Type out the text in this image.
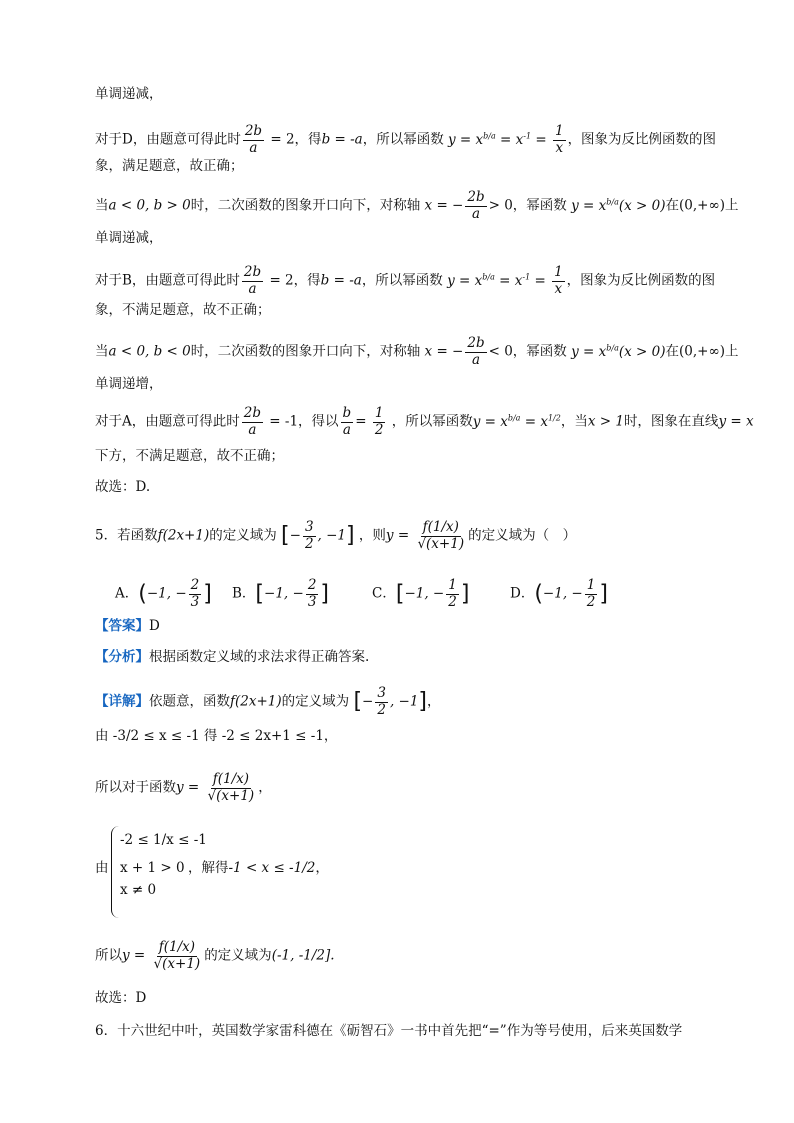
单调递减，
对于D，由题意可得此时 $\frac{2b}{a} = 2$，得b = -a，所以幂函数 $y = x^{b/a} = x^{-1} = \frac{1}{x}$ ，图象为反比例函数的图
象，满足题意，故正确；
当a < 0, b > 0时，二次函数的图象开口向下，对称轴 x = − $\frac{2b}{a} > 0$，幂函数 $y = x^{b/a}(x > 0)$在(0,+∞)上
单调递减，
对于B，由题意可得此时 $\frac{2b}{a} = 2$，得b = -a，所以幂函数 $y = x^{b/a} = x^{-1} = \frac{1}{x}$ ，图象为反比例函数的图
象，不满足题意，故不正确；
当a < 0, b < 0时，二次函数的图象开口向下，对称轴 x = − $\frac{2b}{a} < 0$，幂函数 $y = x^{b/a}(x > 0)$在(0,+∞)上
单调递增，
对于A，由题意可得此时 $\frac{2b}{a} = -1$，得以 $\frac{b}{a} = \frac{1}{2}$ ，所以幂函数$y = x^{b/a} = x^{1/2}$，当x > 1时，图象在直线y = x
下方，不满足题意，故不正确；
故选：D.
5．若函数f(2x+1)的定义域为 [− $\frac{3}{2}$ , −1] ，则$y = \frac{f(1/x)}{√(x+1)}$ 的定义域为（　）
A．(−1, − $\frac{2}{3}$ ] B．[−1, − $\frac{2}{3}$ ]	C．[−1, − $\frac{1}{2}$ ]	D．(−1, − $\frac{1}{2}$ ]
【答案】D
【分析】根据函数定义域的求法求得正确答案.
【详解】依题意，函数f(2x+1)的定义域为 [− $\frac{3}{2}$ , −1]，
由 -3/2 ≤ x ≤ -1 得 -2 ≤ 2x+1 ≤ -1，
所以对于函数$y = \frac{f(1/x)}{√(x+1)}$ ，
由
-2 ≤ 1/x ≤ -1
x + 1 > 0
x ≠ 0
，解得-1 < x ≤ -1/2，
所以$y = \frac{f(1/x)}{√(x+1)}$ 的定义域为(-1, -1/2].
故选：D
6．十六世纪中叶，英国数学家雷科德在《砺智石》一书中首先把“=”作为等号使用，后来英国数学
